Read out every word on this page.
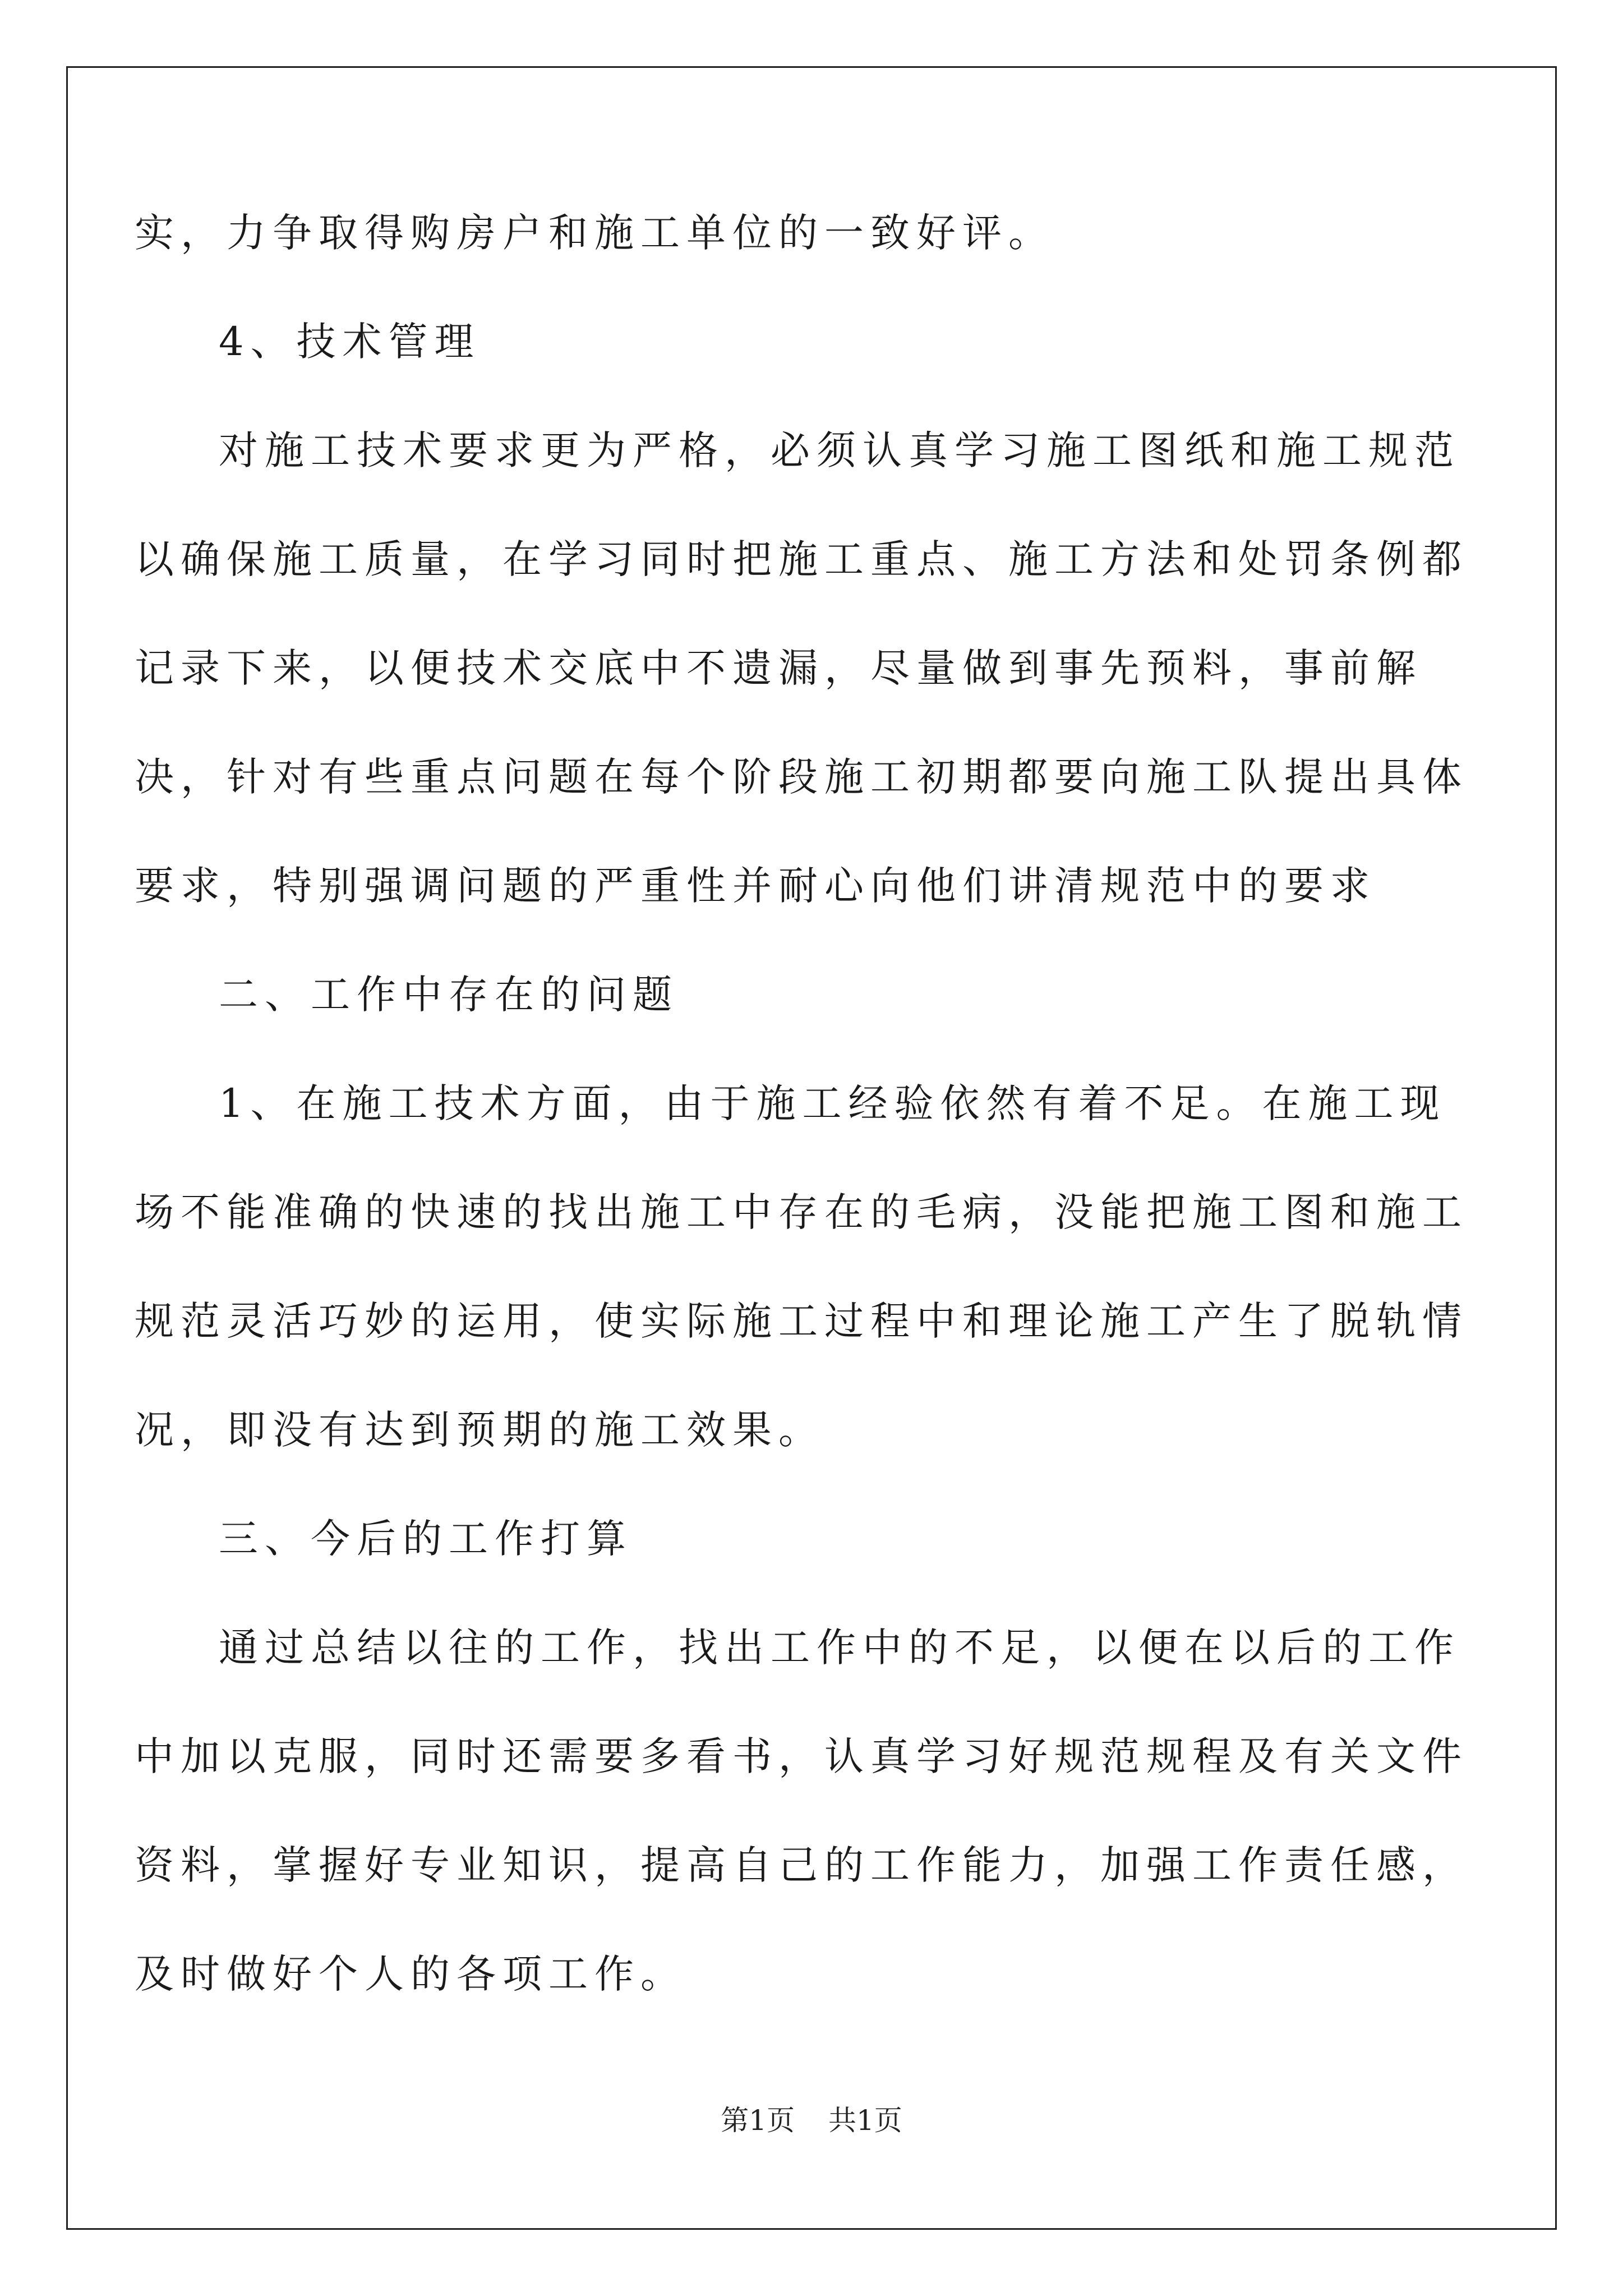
实，力争取得购房户和施工单位的一致好评。

4、技术管理

对施工技术要求更为严格，必须认真学习施工图纸和施工规范以确保施工质量，在学习同时把施工重点、施工方法和处罚条例都记录下来，以便技术交底中不遗漏，尽量做到事先预料，事前解决，针对有些重点问题在每个阶段施工初期都要向施工队提出具体要求，特别强调问题的严重性并耐心向他们讲清规范中的要求

二、工作中存在的问题

1、在施工技术方面，由于施工经验依然有着不足。在施工现场不能准确的快速的找出施工中存在的毛病，没能把施工图和施工规范灵活巧妙的运用，使实际施工过程中和理论施工产生了脱轨情况，即没有达到预期的施工效果。

三、今后的工作打算

通过总结以往的工作，找出工作中的不足，以便在以后的工作中加以克服，同时还需要多看书，认真学习好规范规程及有关文件资料，掌握好专业知识，提高自己的工作能力，加强工作责任感，及时做好个人的各项工作。

第1页 共1页
